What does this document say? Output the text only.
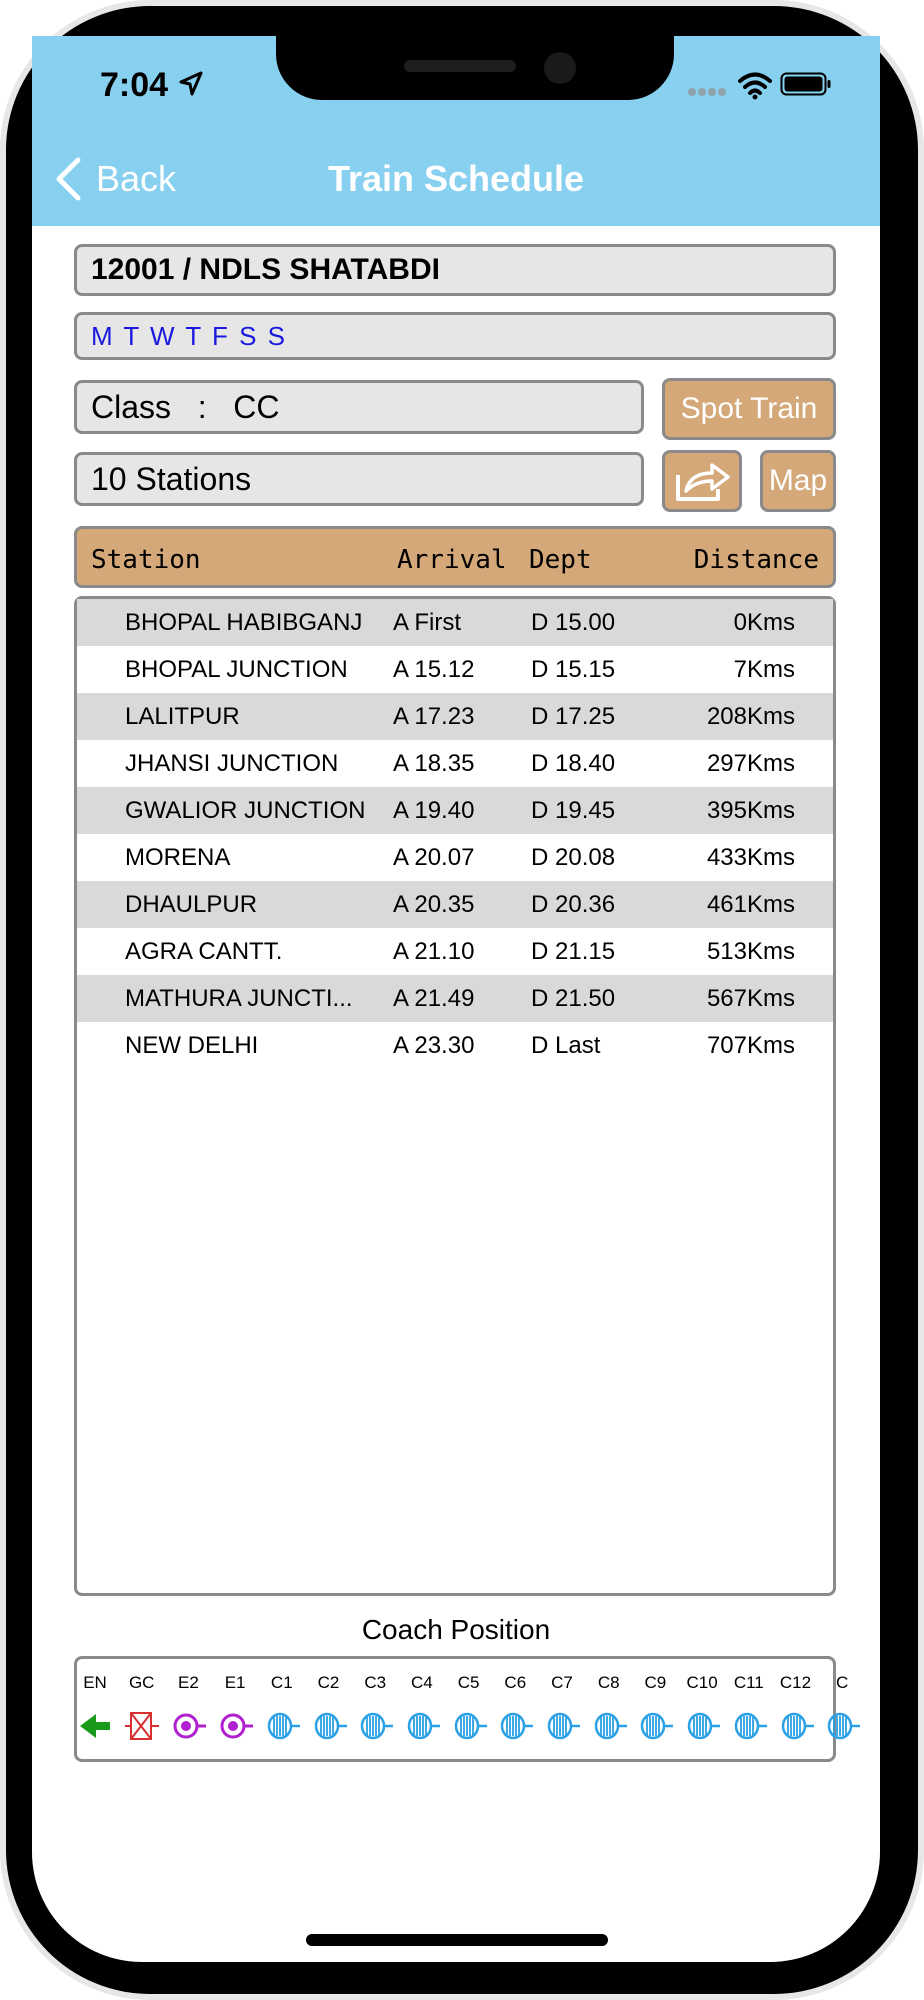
7:04
Back	Train Schedule
12001 / NDLS SHATABDI
M T W T F S S
Class   :   CC
10 Stations
Spot Train
Map
Station	Arrival Dept	Distance
BHOPAL HABIBGANJ	A First	D 15.00	0Kms
BHOPAL JUNCTION	A 15.12 D 15.15	7Kms
LALITPUR	A 17.23 D 17.25	208Kms
JHANSI JUNCTION	A 18.35 D 18.40	297Kms
GWALIOR JUNCTION	A 19.40 D 19.45	395Kms
MORENA	A 20.07 D 20.08	433Kms
DHAULPUR	A 20.35 D 20.36	461Kms
AGRA CANTT.	A 21.10 D 21.15	513Kms
MATHURA JUNCTI...	A 21.49 D 21.50	567Kms
NEW DELHI	A 23.30 D Last	707Kms
Coach Position
EN	GC	E2	E1	C1	C2	C3	C4	C5	C6	C7	C8	C9	C10 C11 C12	C
